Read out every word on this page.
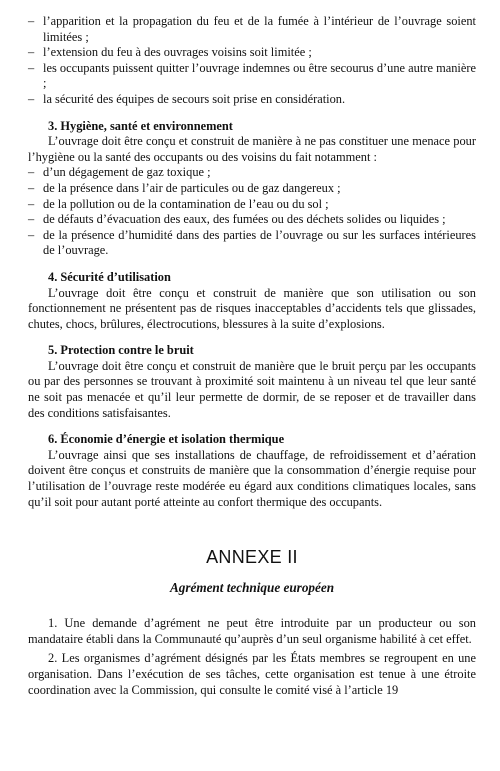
– l’apparition et la propagation du feu et de la fumée à l’intérieur de l’ouvrage soient limitées ;
– l’extension du feu à des ouvrages voisins soit limitée ;
– les occupants puissent quitter l’ouvrage indemnes ou être secourus d’une autre manière ;
– la sécurité des équipes de secours soit prise en considération.
3. Hygiène, santé et environnement

L’ouvrage doit être conçu et construit de manière à ne pas constituer une menace pour l’hygiène ou la santé des occupants ou des voisins du fait notamment :

– d’un dégagement de gaz toxique ;
– de la présence dans l’air de particules ou de gaz dangereux ;
– de la pollution ou de la contamination de l’eau ou du sol ;
– de défauts d’évacuation des eaux, des fumées ou des déchets solides ou liquides ;
– de la présence d’humidité dans des parties de l’ouvrage ou sur les surfaces intérieures de l’ouvrage.
4. Sécurité d’utilisation

L’ouvrage doit être conçu et construit de manière que son utilisation ou son fonctionnement ne présentent pas de risques inacceptables d’accidents tels que glissades, chutes, chocs, brûlures, électrocutions, blessures à la suite d’explosions.

5. Protection contre le bruit

L’ouvrage doit être conçu et construit de manière que le bruit perçu par les occupants ou par des personnes se trouvant à proximité soit maintenu à un niveau tel que leur santé ne soit pas menacée et qu’il leur permette de dormir, de se reposer et de travailler dans des conditions satisfaisantes.

6. Économie d’énergie et isolation thermique

L’ouvrage ainsi que ses installations de chauffage, de refroidissement et d’aération doivent être conçus et construits de manière que la consommation d’énergie requise pour l’utilisation de l’ouvrage reste modérée eu égard aux conditions climatiques locales, sans qu’il soit pour autant porté atteinte au confort thermique des occupants.

ANNEXE II
Agrément technique européen

1. Une demande d’agrément ne peut être introduite par un producteur ou son mandataire établi dans la Communauté qu’auprès d’un seul organisme habilité à cet effet.

2. Les organismes d’agrément désignés par les États membres se regroupent en une organisation. Dans l’exécution de ses tâches, cette organisation est tenue à une étroite coordination avec la Commission, qui consulte le comité visé à l’article 19
